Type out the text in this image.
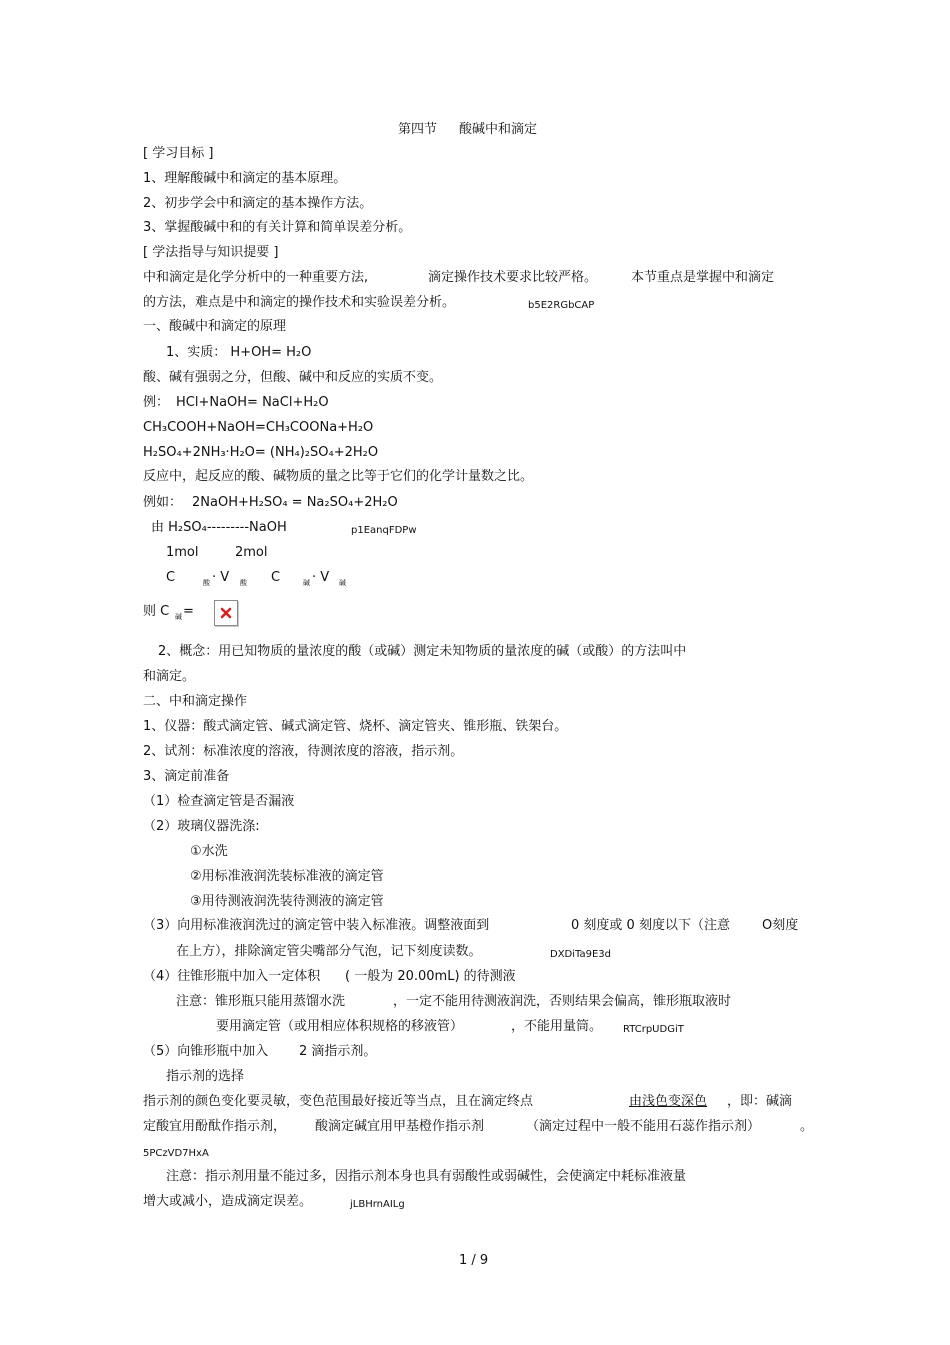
第四节 酸碱中和滴定
[ 学习目标 ]
1、理解酸碱中和滴定的基本原理。
2、初步学会中和滴定的基本操作方法。
3、掌握酸碱中和的有关计算和简单误差分析。
[ 学法指导与知识提要 ]
中和滴定是化学分析中的一种重要方法,	滴定操作技术要求比较严格。	本节重点是掌握中和滴定
的方法，难点是中和滴定的操作技术和实验误差分析。	b5E2RGbCAP
一、酸碱中和滴定的原理
1、实质： H+OH= H₂O
酸、碱有强弱之分，但酸、碱中和反应的实质不变。
例： HCl+NaOH= NaCl+H₂O
CH₃COOH+NaOH=CH₃COONa+H₂O
H₂SO₄+2NH₃·H₂O= (NH₄)₂SO₄+2H₂O
反应中，起反应的酸、碱物质的量之比等于它们的化学计量数之比。
例如： 2NaOH+H₂SO₄ = Na₂SO₄+2H₂O
由 H₂SO₄---------NaOH	p1EanqFDPw
1mol	2mol
C	酸 · V 酸 C	碱 · V 碱
则 C 碱 =
2、概念：用已知物质的量浓度的酸（或碱）测定未知物质的量浓度的碱（或酸）的方法叫中
和滴定。
二、中和滴定操作
1、仪器：酸式滴定管、碱式滴定管、烧杯、滴定管夹、锥形瓶、铁架台。
2、试剂：标准浓度的溶液，待测浓度的溶液，指示剂。
3、滴定前准备
（1）检查滴定管是否漏液
（2）玻璃仪器洗涤:
①水洗
②用标准液润洗装标准液的滴定管
③用待测液润洗装待测液的滴定管
（3）向用标准液润洗过的滴定管中装入标准液。调整液面到	0 刻度或 0 刻度以下（注意 O刻度
在上方），排除滴定管尖嘴部分气泡，记下刻度读数。	DXDiTa9E3d
（4）往锥形瓶中加入一定体积 ( 一般为 20.00mL) 的待测液
注意：锥形瓶只能用蒸馏水洗	，一定不能用待测液润洗，否则结果会偏高，锥形瓶取液时
要用滴定管（或用相应体积规格的移液管）	，不能用量筒。 RTCrpUDGiT
（5）向锥形瓶中加入 2 滴指示剂。
指示剂的选择
指示剂的颜色变化要灵敏，变色范围最好接近等当点，且在滴定终点	由浅色变深色 ，即：碱滴
定酸宜用酚酞作指示剂， 酸滴定碱宜用甲基橙作指示剂	（滴定过程中一般不能用石蕊作指示剂）	。
5PCzVD7HxA
注意：指示剂用量不能过多，因指示剂本身也具有弱酸性或弱碱性，会使滴定中耗标准液量
增大或减小，造成滴定误差。	jLBHrnAILg
1 / 9
